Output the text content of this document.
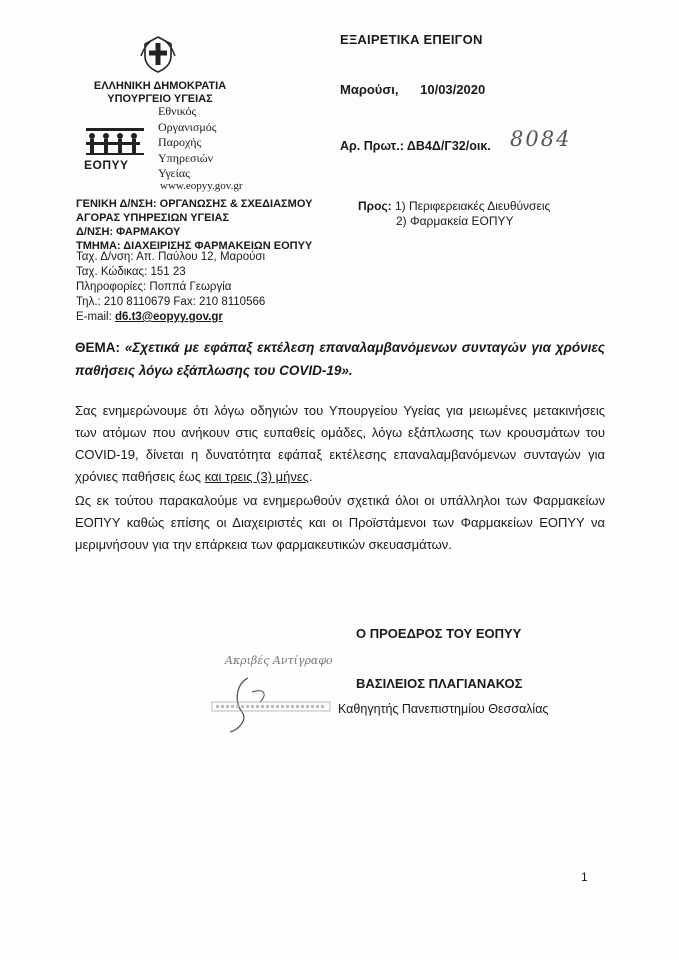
ΕΛΛΗΝΙΚΗ ΔΗΜΟΚΡΑΤΙΑ
ΥΠΟΥΡΓΕΙΟ ΥΓΕΙΑΣ
ΕΟΠΥΥ
Εθνικός
Οργανισμός
Παροχής
Υπηρεσιών
Υγείας
www.eopyy.gov.gr
ΓΕΝΙΚΗ Δ/ΝΣΗ: ΟΡΓΑΝΩΣΗΣ & ΣΧΕΔΙΑΣΜΟΥ
ΑΓΟΡΑΣ ΥΠΗΡΕΣΙΩΝ ΥΓΕΙΑΣ
Δ/ΝΣΗ: ΦΑΡΜΑΚΟΥ
ΤΜΗΜΑ: ΔΙΑΧΕΙΡΙΣΗΣ ΦΑΡΜΑΚΕΙΩΝ ΕΟΠΥΥ
Ταχ. Δ/νση: Απ. Παύλου 12, Μαρούσι
Ταχ. Κώδικας: 151 23
Πληροφορίες: Ποππά Γεωργία
Τηλ.: 210 8110679 Fax: 210 8110566
E-mail: d6.t3@eopyy.gov.gr
ΕΞΑΙΡΕΤΙΚΑ ΕΠΕΙΓΟΝ
Μαρούσι, 10/03/2020
Αρ. Πρωτ.: ΔΒ4Δ/Γ32/οικ. 8084
Προς: 1) Περιφερειακές Διευθύνσεις
2) Φαρμακεία ΕΟΠΥΥ
ΘΕΜΑ: «Σχετικά με εφάπαξ εκτέλεση επαναλαμβανόμενων συνταγών για χρόνιες παθήσεις λόγω εξάπλωσης του COVID-19».

Σας ενημερώνουμε ότι λόγω οδηγιών του Υπουργείου Υγείας για μειωμένες μετακινήσεις των ατόμων που ανήκουν στις ευπαθείς ομάδες, λόγω εξάπλωσης των κρουσμάτων του COVID-19, δίνεται η δυνατότητα εφάπαξ εκτέλεσης επαναλαμβανόμενων συνταγών για χρόνιες παθήσεις έως και τρεις (3) μήνες.

Ως εκ τούτου παρακαλούμε να ενημερωθούν σχετικά όλοι οι υπάλληλοι των Φαρμακείων ΕΟΠΥΥ καθώς επίσης οι Διαχειριστές και οι Προϊστάμενοι των Φαρμακείων ΕΟΠΥΥ να μεριμνήσουν για την επάρκεια των φαρμακευτικών σκευασμάτων.

Ο ΠΡΟΕΔΡΟΣ ΤΟΥ ΕΟΠΥΥ
Ακριβές Αντίγραφο
ΒΑΣΙΛΕΙΟΣ ΠΛΑΓΙΑΝΑΚΟΣ
Καθηγητής Πανεπιστημίου Θεσσαλίας
1
